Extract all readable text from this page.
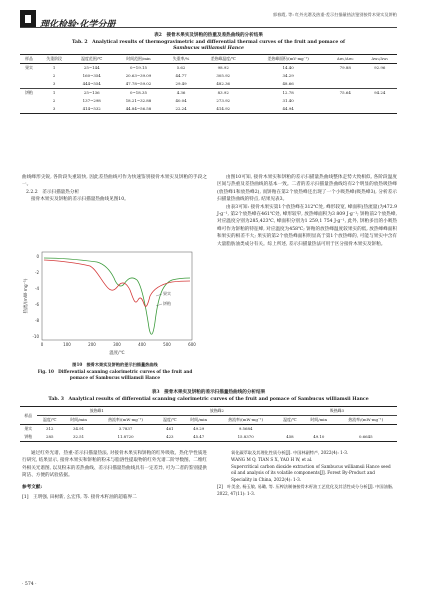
理化检验·化学分册
郭春霞, 等: 红外光谱及热重-差示扫描量热法鉴别接骨木果实及饼粕
表2　接骨木果实及饼粕的热重及差热曲线的分析结果
Tab. 2　Analytical results of thermogravimetric and differential thermal curves of the fruit and pomace of
Sambucus williamsii Hance
样品	失重阶段	温度范围/℃	时间范围/min	失重率/%	差热峰温度/℃	差热峰面积/(mV·mg⁻¹)	Δw₁/Δw₂	Δw₂/Δw₃
果实	1	25~144	0~19.15	5.62	98.92	14.40	79.88	92.96
	2	160~354	20.63~39.09	44.77	305.92	34.29		
	3	444~554	47.78~59.02	29.49	482.36	48.66		
饼粕	1	25~136	0~18.35	4.36	83.92	12.78	75.64	94.24
	2	137~298	18.21~32.88	40.04	273.92	31.40		
	3	414~532	44.84~56.58	22.24	414.92	44.94		

曲线峰形尖锐, 各阶段失重较快, 因此差热曲线可作为快速鉴别接骨木果实及饼粕的手段之一。

2.2.2　差示扫描量热分析

接骨木果实及饼粕的差示扫描量热曲线见图10。

0
-2
-4
-6
-8
-10
0	100	200	300	400	500	600
温度/℃
热流/(mW·mg⁻¹)	果实
饼粕
图10　接骨木果实及饼粕的差示扫描量热曲线
Fig. 10　Differential scanning calorimetric curves of the fruit and
pomace of Sambucus williamsii Hance

由图10可知, 接骨木果实和饼粕的差示扫描量热曲线整体走势大致相似, 各阶段温度区间与热重及差热曲线的基本一致。二者的差示扫描量热曲线均有2个明显的放热吸热峰(放热峰1和放热峰2), 而饼粕在第2个放热峰还出现了一个小吸热峰(吸热峰3), 分析差示扫描量热曲线的特点, 结果见表3。

由表3可知: 接骨木果实第1个放热峰在312℃处, 峰形较宽, 峰面积(热流量)为472.9 J·g⁻¹, 第2个放热峰在461℃处, 峰形较窄, 放热峰面积为3 809 J·g⁻¹; 饼粕前2个放热峰, 对应温度分别为285,423℃, 峰面积分别为1 259,1 754 J·g⁻¹, 此外, 饼粕多出的小吸热峰可作为饼粕的特征峰, 对应温度为458℃; 饼粕的放热峰温度较果实的低, 放热峰峰面积和果实的相差不大; 果实的第2个放热峰面积明显高于第1个放热峰的, 可能与果实中含有大量脂肪油类成分有关。综上所述, 差示扫描量热法可用于区分接骨木果实及饼粕。

表3　接骨木果实及饼粕的差示扫描量热曲线的分析结果
Tab. 3　Analytical results of differential scanning calorimetric curves of the fruit and pomace of Sambucus williamsii Hance
样品	放热峰1			放热峰2			吸热峰3		
	温度/℃	时间/min	热流率/(mW·mg⁻¹)	温度/℃	时间/min	热流率/(mW·mg⁻¹)	温度/℃	时间/min	热流率/(mW·mg⁻¹)
果实	312	34.91	3.7837	461	49.29	9.5684			
饼粕	285	32.51	11.8720	423	45.47	15.8370	458	49.10	0.6645

通过红外光谱、热重-差示扫描量热法, 对接骨木果实和饼粕的红外吸收、热化学性质进行研究, 结果显示, 接骨木果实和饼粕的粉末与脂溶性提取物的红外光谱二阶导数图、二维红外相关光谱图, 以及粉末的差热曲线、差示扫描量热曲线具有一定差异, 可为二者的鉴别提供简洁、方便的试验依据。

参考文献:

[1]　王明强, 田树新, 么宏伟, 等. 接骨木籽油的超临界二

氧化碳萃取及其理化性质分析[J]. 中国林副特产, 2022(4): 1-3.
WANG M Q, TIAN S X, YAO H W, et al.
Supercritical carbon dioxide extraction of Sambucus williamsii Hance seed oil and analysis of its volatile components[J]. Forest By-Product and Speciality in China, 2022(4): 1-3.
[2]　叶美金, 杨玉敏, 易璐, 等. 压榨法制备接骨木籽油工艺优化及其活性成分分析[J]. 中国油脂, 2022, 47(11): 1-3.
· 574 ·
